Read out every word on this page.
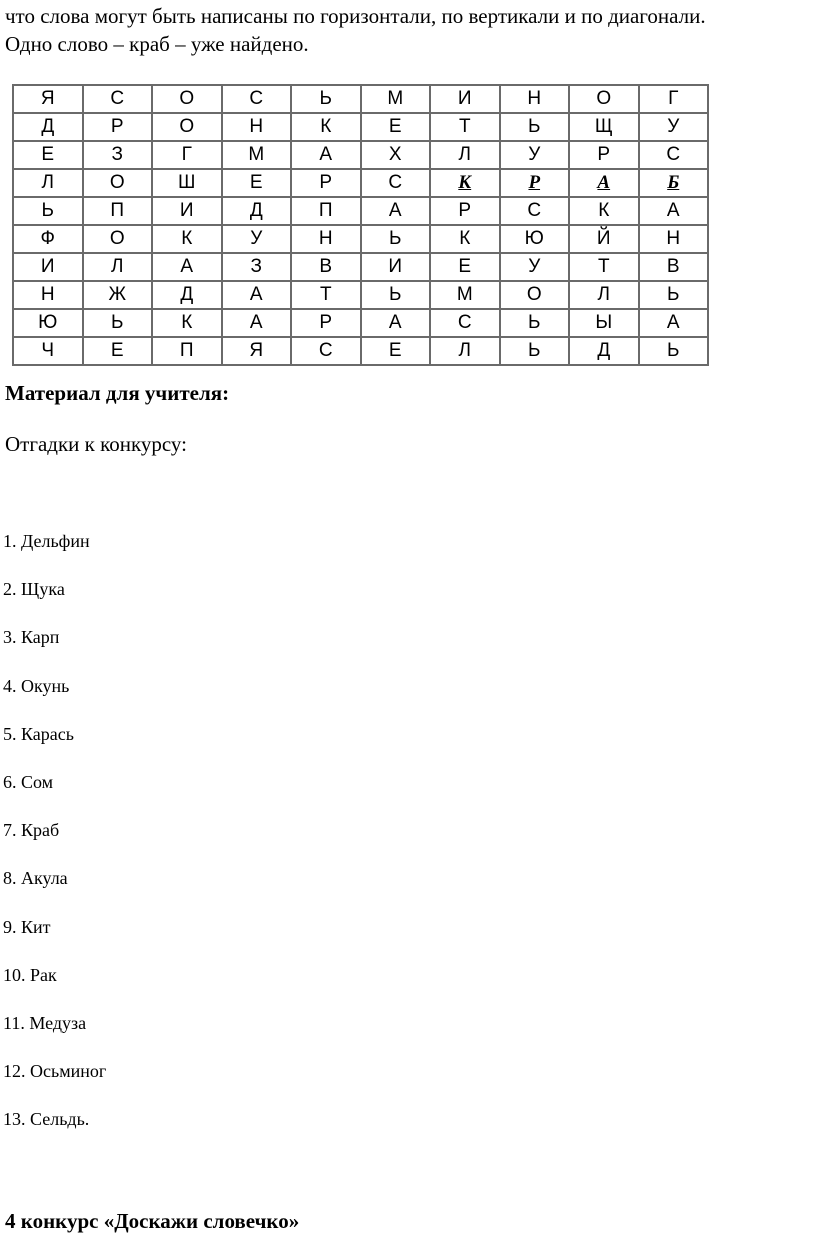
что слова могут быть написаны по горизонтали, по вертикали и по диагонали.
Одно слово – краб – уже найдено.
Я	С	О	С	Ь	М	И	Н	О	Г
Д	Р	О	Н	К	Е	Т	Ь	Щ	У
Е	З	Г	М	А	Х	Л	У	Р	С
Л	О	Ш	Е	Р	С	К	Р	А	Б
Ь	П	И	Д	П	А	Р	С	К	А
Ф	О	К	У	Н	Ь	К	Ю	Й	Н
И	Л	А	З	В	И	Е	У	Т	В
Н	Ж	Д	А	Т	Ь	М	О	Л	Ь
Ю	Ь	К	А	Р	А	С	Ь	Ы	А
Ч	Е	П	Я	С	Е	Л	Ь	Д	Ь

Материал для учителя:

Отгадки к конкурсу:

1. Дельфин
2. Щука
3. Карп
4. Окунь
5. Карась
6. Сом
7. Краб
8. Акула
9. Кит
10. Рак
11. Медуза
12. Осьминог
13. Сельдь.

4 конкурс «Доскажи словечко»
